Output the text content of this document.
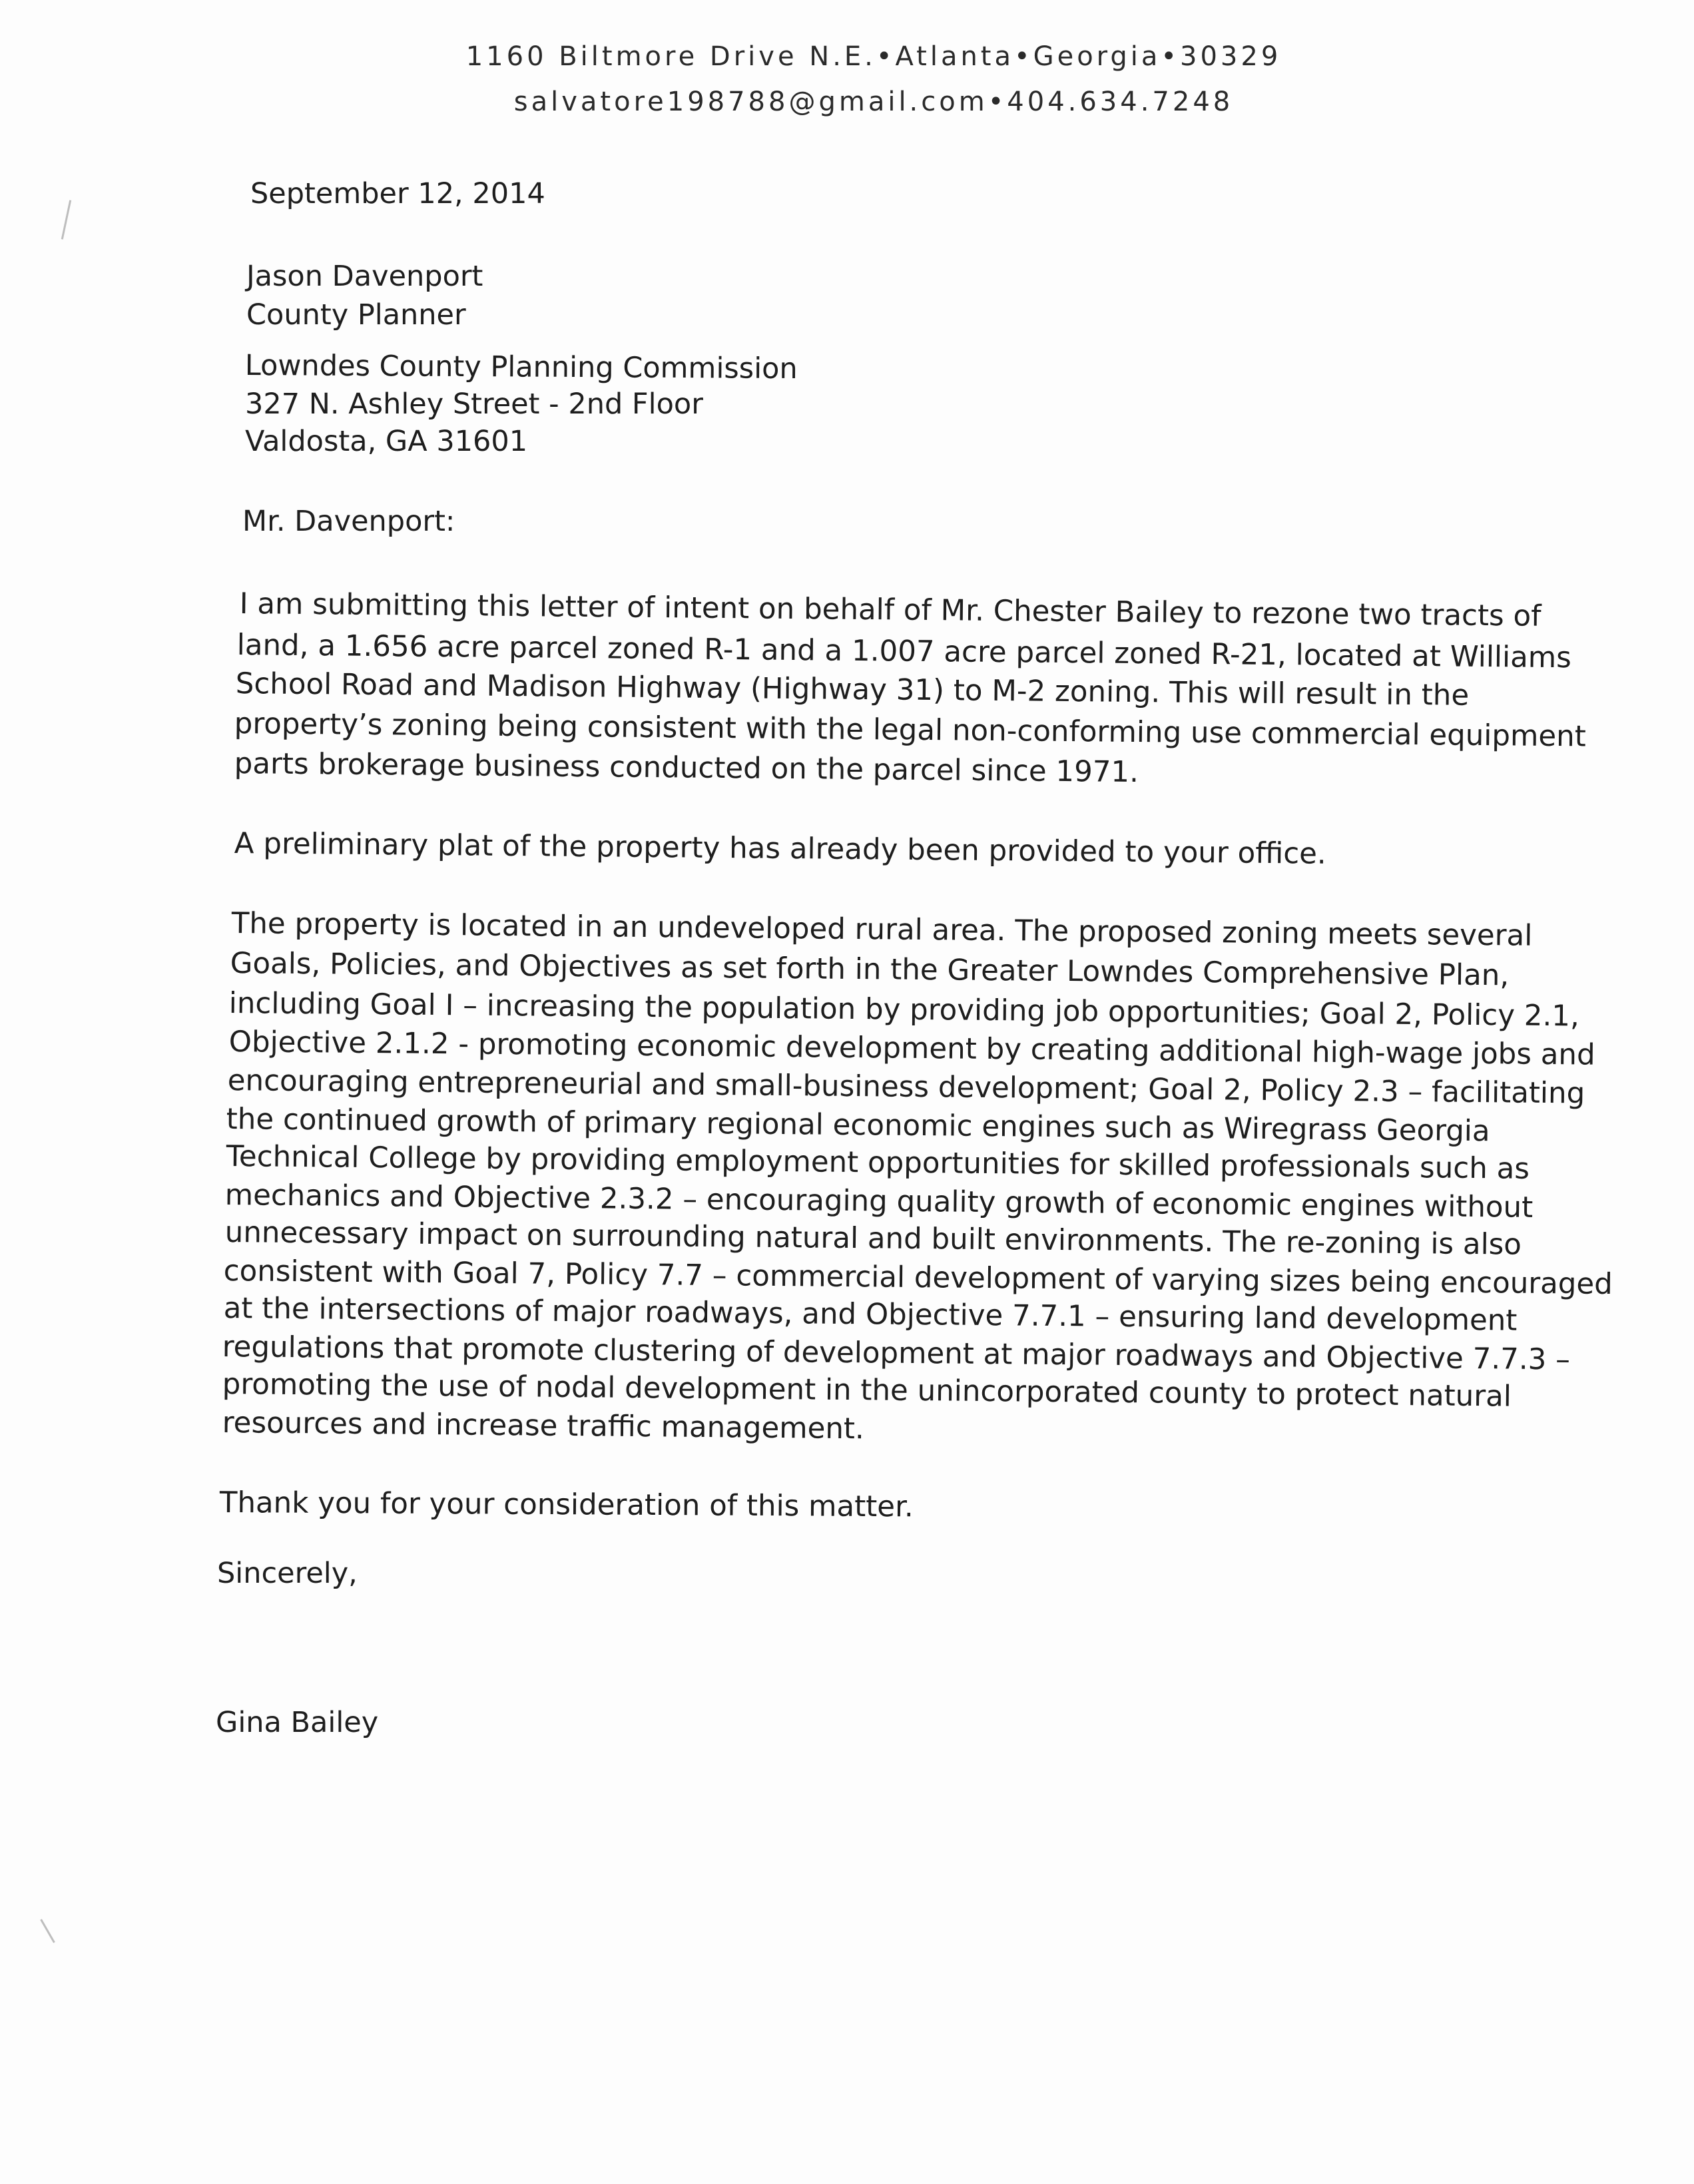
1160 Biltmore Drive N.E.•Atlanta•Georgia•30329
salvatore198788@gmail.com•404.634.7248
September 12, 2014
Jason Davenport
County Planner
Lowndes County Planning Commission
327 N. Ashley Street - 2nd Floor
Valdosta, GA 31601
Mr. Davenport:
I am submitting this letter of intent on behalf of Mr. Chester Bailey to rezone two tracts of
land, a 1.656 acre parcel zoned R-1 and a 1.007 acre parcel zoned R-21, located at Williams
School Road and Madison Highway (Highway 31) to M-2 zoning. This will result in the
property’s zoning being consistent with the legal non-conforming use commercial equipment
parts brokerage business conducted on the parcel since 1971.
A preliminary plat of the property has already been provided to your office.
The property is located in an undeveloped rural area. The proposed zoning meets several
Goals, Policies, and Objectives as set forth in the Greater Lowndes Comprehensive Plan,
including Goal I – increasing the population by providing job opportunities; Goal 2, Policy 2.1,
Objective 2.1.2 - promoting economic development by creating additional high-wage jobs and
encouraging entrepreneurial and small-business development; Goal 2, Policy 2.3 – facilitating
the continued growth of primary regional economic engines such as Wiregrass Georgia
Technical College by providing employment opportunities for skilled professionals such as
mechanics and Objective 2.3.2 – encouraging quality growth of economic engines without
unnecessary impact on surrounding natural and built environments. The re-zoning is also
consistent with Goal 7, Policy 7.7 – commercial development of varying sizes being encouraged
at the intersections of major roadways, and Objective 7.7.1 – ensuring land development
regulations that promote clustering of development at major roadways and Objective 7.7.3 –
promoting the use of nodal development in the unincorporated county to protect natural
resources and increase traffic management.
Thank you for your consideration of this matter.
Sincerely,
Gina Bailey
